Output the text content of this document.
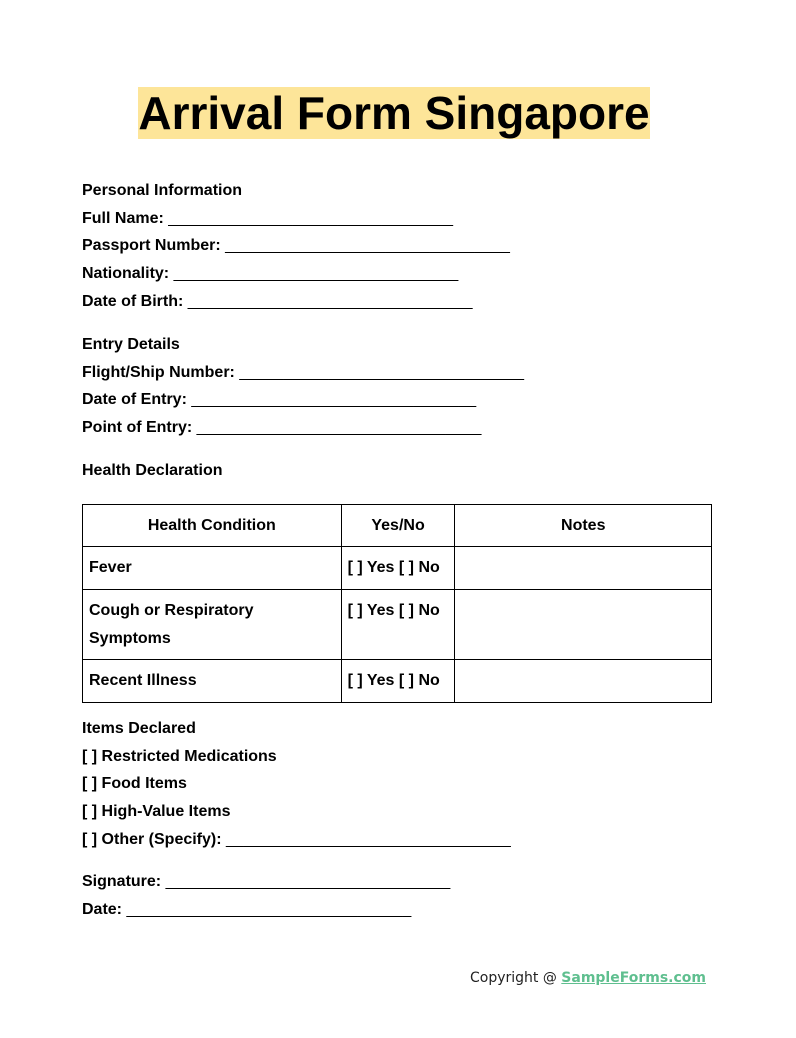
Arrival Form Singapore
Personal Information
Full Name: ________________________________
Passport Number: ________________________________
Nationality: ________________________________
Date of Birth: ________________________________
Entry Details
Flight/Ship Number: ________________________________
Date of Entry: ________________________________
Point of Entry: ________________________________
Health Declaration
Health Condition	Yes/No	Notes
Fever	[ ] Yes [ ] No	
Cough or Respiratory Symptoms	[ ] Yes [ ] No	
Recent Illness	[ ] Yes [ ] No	
Items Declared
[ ] Restricted Medications
[ ] Food Items
[ ] High-Value Items
[ ] Other (Specify): ________________________________
Signature: ________________________________
Date: ________________________________
Copyright @ SampleForms.com
